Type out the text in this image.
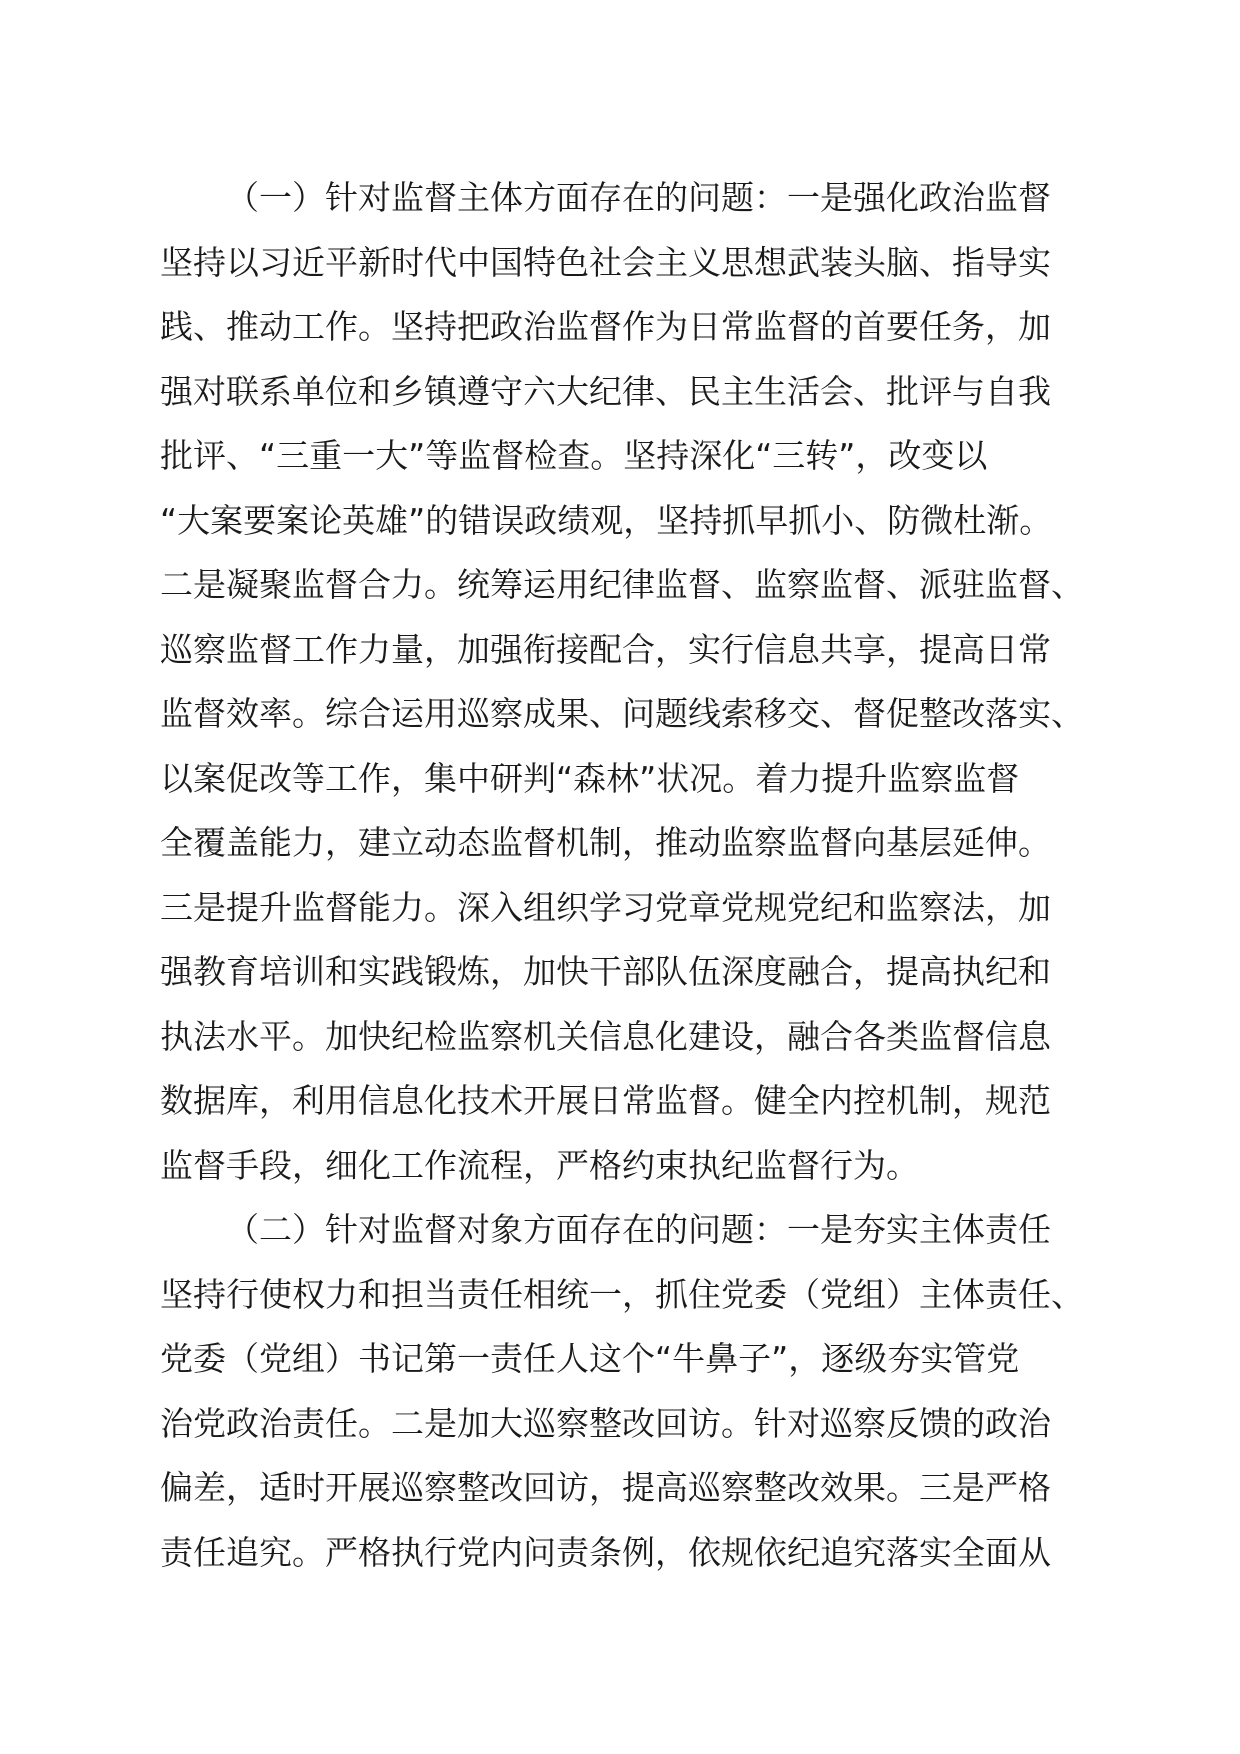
（一）针对监督主体方面存在的问题：一是强化政治监督
坚持以习近平新时代中国特色社会主义思想武装头脑、指导实
践、推动工作。坚持把政治监督作为日常监督的首要任务，加
强对联系单位和乡镇遵守六大纪律、民主生活会、批评与自我
批评、“三重一大”等监督检查。坚持深化“三转”，改变以
“大案要案论英雄”的错误政绩观，坚持抓早抓小、防微杜渐。
二是凝聚监督合力。统筹运用纪律监督、监察监督、派驻监督、
巡察监督工作力量，加强衔接配合，实行信息共享，提高日常
监督效率。综合运用巡察成果、问题线索移交、督促整改落实、
以案促改等工作，集中研判“森林”状况。着力提升监察监督
全覆盖能力，建立动态监督机制，推动监察监督向基层延伸。
三是提升监督能力。深入组织学习党章党规党纪和监察法，加
强教育培训和实践锻炼，加快干部队伍深度融合，提高执纪和
执法水平。加快纪检监察机关信息化建设，融合各类监督信息
数据库，利用信息化技术开展日常监督。健全内控机制，规范
监督手段，细化工作流程，严格约束执纪监督行为。
（二）针对监督对象方面存在的问题：一是夯实主体责任
坚持行使权力和担当责任相统一，抓住党委（党组）主体责任、
党委（党组）书记第一责任人这个“牛鼻子”，逐级夯实管党
治党政治责任。二是加大巡察整改回访。针对巡察反馈的政治
偏差，适时开展巡察整改回访，提高巡察整改效果。三是严格
责任追究。严格执行党内问责条例，依规依纪追究落实全面从
